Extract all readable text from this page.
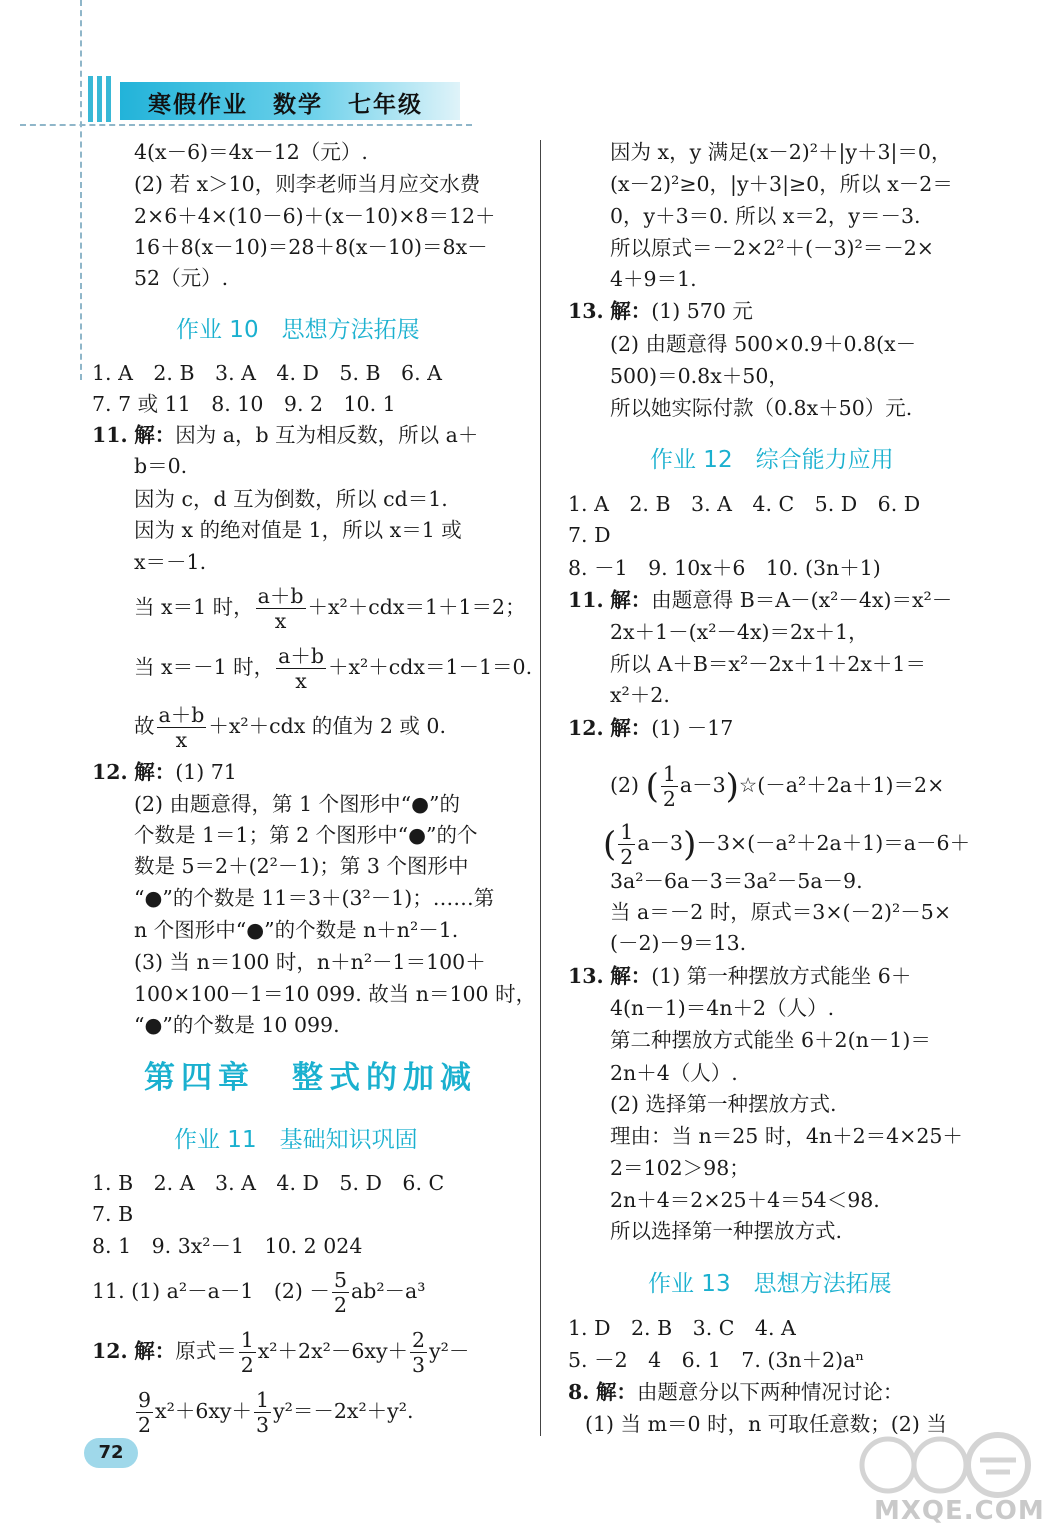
寒假作业　数学　七年级
4(x－6)＝4x－12（元）.
(2) 若 x＞10，则李老师当月应交水费
2×6＋4×(10－6)＋(x－10)×8＝12＋
16＋8(x－10)＝28＋8(x－10)＝8x－
52（元）.
作业 10　思想方法拓展
1. A　2. B　3. A　4. D　5. B　6. A
7. 7 或 11　8. 10　9. 2　10. 1
11. 解：因为 a，b 互为相反数，所以 a＋
b＝0.
因为 c，d 互为倒数，所以 cd＝1.
因为 x 的绝对值是 1，所以 x＝1 或
x＝－1.
当 x＝1 时， $\frac{a+b}{x} +x^2+cdx=1+1=2$；
当 x＝－1 时， $\frac{a+b}{x} +x^2+cdx=1-1=0$.
故 $\frac{a+b}{x} +x^2+cdx$ 的值为 2 或 0.
12. 解：(1) 71
(2) 由题意得，第 1 个图形中“●”的
个数是 1＝1；第 2 个图形中“●”的个
数是 5＝2＋(2²－1)；第 3 个图形中
“●”的个数是 11＝3＋(3²－1)；……第
n 个图形中“●”的个数是 n＋n²－1.
(3) 当 n＝100 时，n＋n²－1＝100＋
100×100－1＝10 099. 故当 n＝100 时，
“●”的个数是 10 099.
第四章　整式的加减
作业 11　基础知识巩固
1. B　2. A　3. A　4. D　5. D　6. C
7. B
8. 1　9. 3x²－1　10. 2 024
11. (1) a²－a－1　$(2) - \frac{5}{2} ab^2-a^3$
12. 解：原式＝ $\frac{1}{2} x^2+2x^2-6xy+ \frac{2}{3} y^2-$
$\frac{9}{2} x^2+6xy+ \frac{1}{3} y^2=-2x^2+y^2$.
因为 x，y 满足(x－2)²＋|y＋3|＝0，
(x－2)²≥0，|y＋3|≥0，所以 x－2＝
0，y＋3＝0. 所以 x＝2，y＝－3.
所以原式＝－2×2²＋(－3)²＝－2×
4＋9＝1.
13. 解：(1) 570 元
(2) 由题意得 500×0.9＋0.8(x－
500)＝0.8x＋50，
所以她实际付款（0.8x＋50）元.
作业 12　综合能力应用
1. A　2. B　3. A　4. C　5. D　6. D
7. D
8. －1　9. 10x＋6　10. (3n＋1)
11. 解：由题意得 B＝A－(x²－4x)＝x²－
2x＋1－(x²－4x)＝2x＋1，
所以 A＋B＝x²－2x＋1＋2x＋1＝
x²＋2.
12. 解：(1) －17
(2) ( $\frac{1}{2}$ a－3)☆(－a²＋2a＋1)＝2×
( $\frac{1}{2} a-3)-3\times(-a^2+2a+1)=a-6+$
3a²－6a－3＝3a²－5a－9.
当 a＝－2 时，原式＝3×(－2)²－5×
(－2)－9＝13.
13. 解：(1) 第一种摆放方式能坐 6＋
4(n－1)＝4n＋2（人）.
第二种摆放方式能坐 6＋2(n－1)＝
2n＋4（人）.
(2) 选择第一种摆放方式.
理由：当 n＝25 时，4n＋2＝4×25＋
2＝102＞98；
2n＋4＝2×25＋4＝54＜98.
所以选择第一种摆放方式.
作业 13　思想方法拓展
1. D　2. B　3. C　4. A
5. －2　4　6. 1　7. (3n＋2)aⁿ
8. 解：由题意分以下两种情况讨论：
(1) 当 m＝0 时，n 可取任意数；(2) 当
72
MXQE.COM
